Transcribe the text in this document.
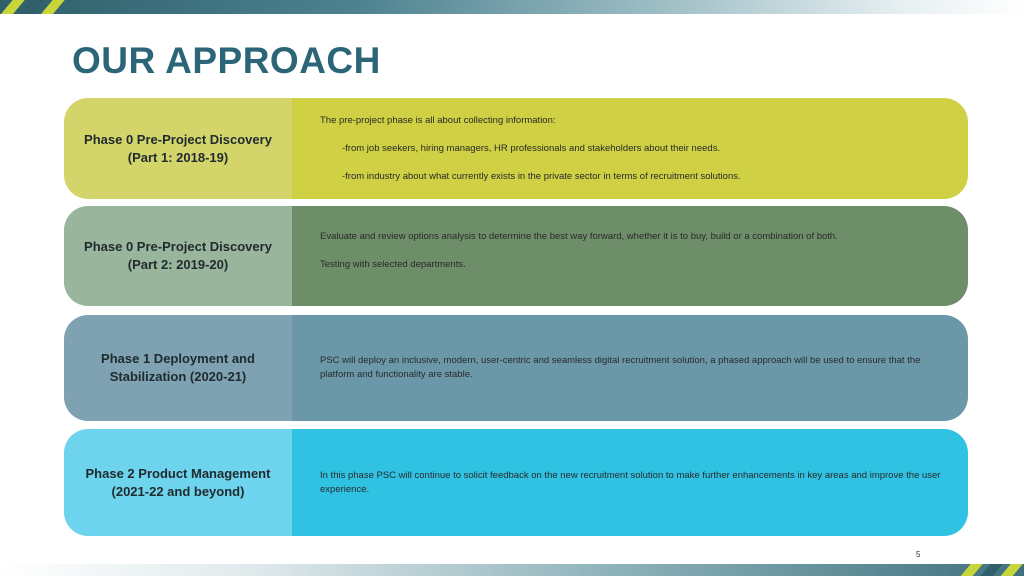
OUR APPROACH
Phase 0 Pre-Project Discovery
(Part 1: 2018-19)

The pre-project phase is all about collecting information:

-from job seekers, hiring managers, HR professionals and stakeholders about their needs.

-from industry about what currently exists in the private sector in terms of recruitment solutions.

Phase 0 Pre-Project Discovery
(Part 2: 2019-20)

Evaluate and review options analysis to determine the best way forward, whether it is to buy, build or a combination of both.

Testing with selected departments.

Phase 1 Deployment and
Stabilization (2020-21)

PSC will deploy an inclusive, modern, user-centric and seamless digital recruitment solution, a phased approach will be used to ensure that the platform and functionality are stable.

Phase 2 Product Management
(2021-22 and beyond)

In this phase PSC will continue to solicit feedback on the new recruitment solution to make further enhancements in key areas and improve the user experience.

5
